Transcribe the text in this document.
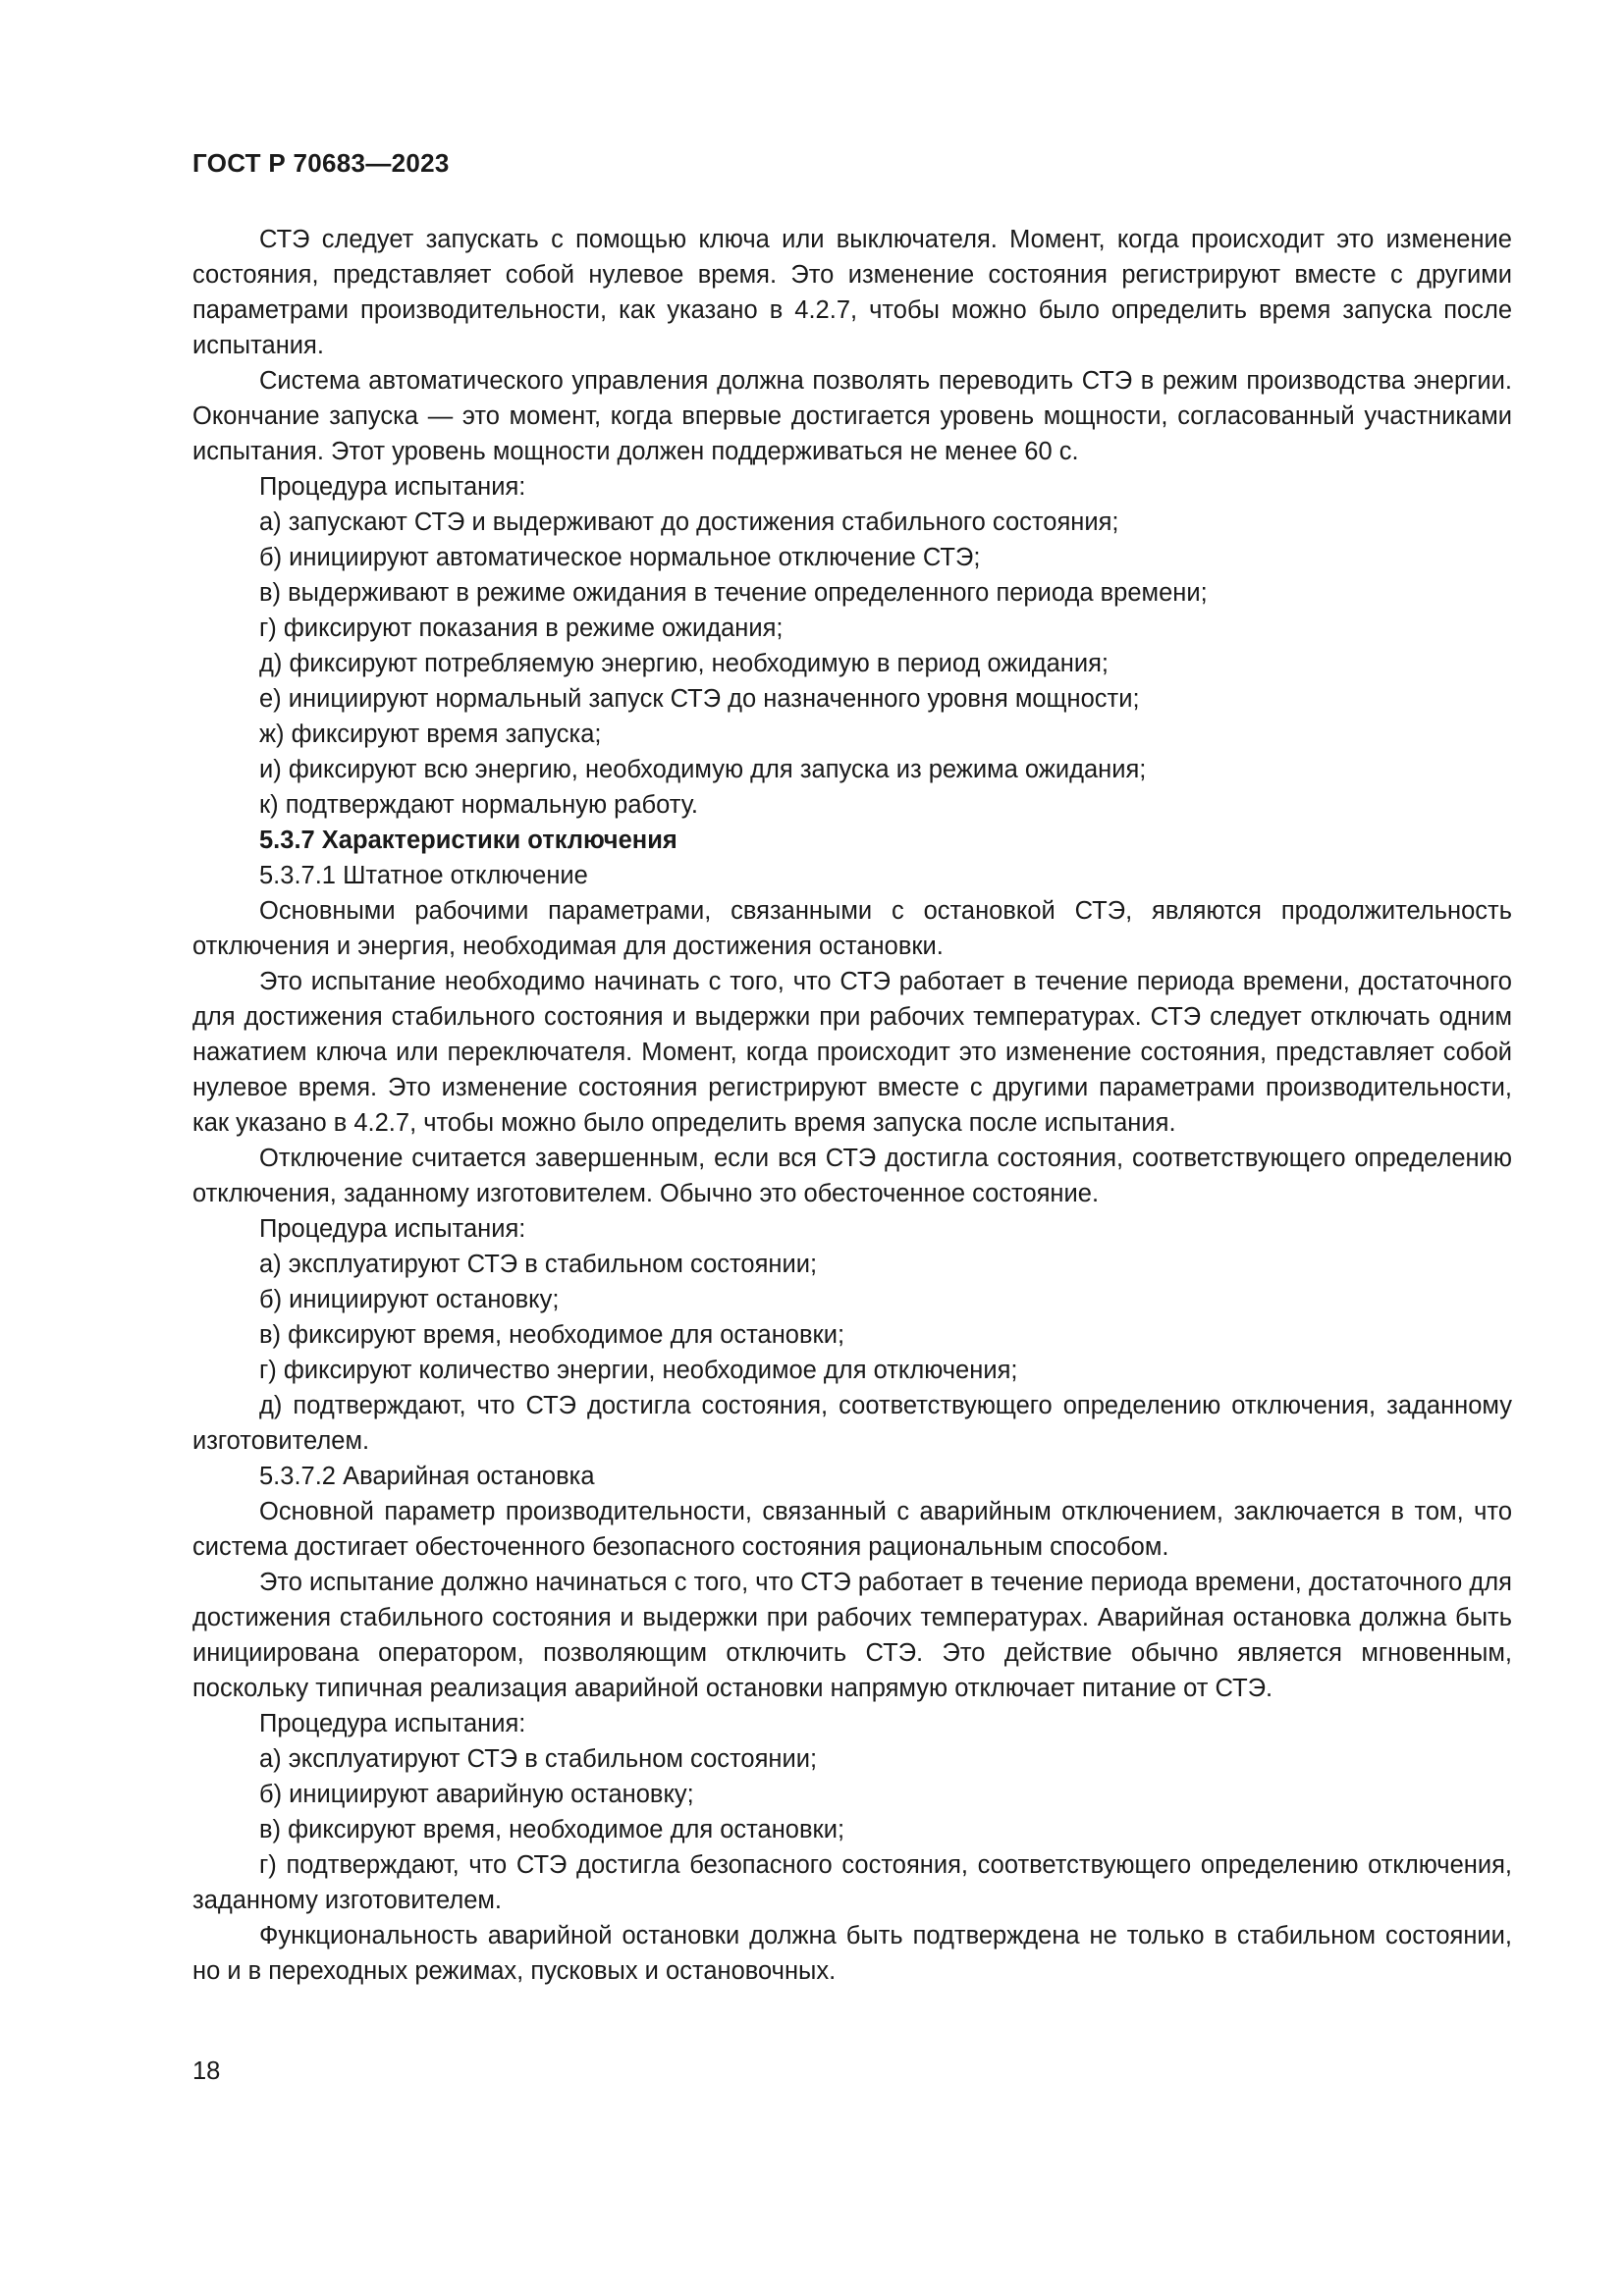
ГОСТ Р 70683—2023

СТЭ следует запускать с помощью ключа или выключателя. Момент, когда происходит это изменение состояния, представляет собой нулевое время. Это изменение состояния регистрируют вместе с другими параметрами производительности, как указано в 4.2.7, чтобы можно было определить время запуска после испытания.

Система автоматического управления должна позволять переводить СТЭ в режим производства энергии. Окончание запуска — это момент, когда впервые достигается уровень мощности, согласованный участниками испытания. Этот уровень мощности должен поддерживаться не менее 60 с.

Процедура испытания:

а) запускают СТЭ и выдерживают до достижения стабильного состояния;

б) инициируют автоматическое нормальное отключение СТЭ;

в) выдерживают в режиме ожидания в течение определенного периода времени;

г) фиксируют показания в режиме ожидания;

д) фиксируют потребляемую энергию, необходимую в период ожидания;

е) инициируют нормальный запуск СТЭ до назначенного уровня мощности;

ж) фиксируют время запуска;

и) фиксируют всю энергию, необходимую для запуска из режима ожидания;

к) подтверждают нормальную работу.

5.3.7 Характеристики отключения

5.3.7.1 Штатное отключение

Основными рабочими параметрами, связанными с остановкой СТЭ, являются продолжительность отключения и энергия, необходимая для достижения остановки.

Это испытание необходимо начинать с того, что СТЭ работает в течение периода времени, достаточного для достижения стабильного состояния и выдержки при рабочих температурах. СТЭ следует отключать одним нажатием ключа или переключателя. Момент, когда происходит это изменение состояния, представляет собой нулевое время. Это изменение состояния регистрируют вместе с другими параметрами производительности, как указано в 4.2.7, чтобы можно было определить время запуска после испытания.

Отключение считается завершенным, если вся СТЭ достигла состояния, соответствующего определению отключения, заданному изготовителем. Обычно это обесточенное состояние.

Процедура испытания:

а) эксплуатируют СТЭ в стабильном состоянии;

б) инициируют остановку;

в) фиксируют время, необходимое для остановки;

г) фиксируют количество энергии, необходимое для отключения;

д) подтверждают, что СТЭ достигла состояния, соответствующего определению отключения, заданному изготовителем.

5.3.7.2 Аварийная остановка

Основной параметр производительности, связанный с аварийным отключением, заключается в том, что система достигает обесточенного безопасного состояния рациональным способом.

Это испытание должно начинаться с того, что СТЭ работает в течение периода времени, достаточного для достижения стабильного состояния и выдержки при рабочих температурах. Аварийная остановка должна быть инициирована оператором, позволяющим отключить СТЭ. Это действие обычно является мгновенным, поскольку типичная реализация аварийной остановки напрямую отключает питание от СТЭ.

Процедура испытания:

а) эксплуатируют СТЭ в стабильном состоянии;

б) инициируют аварийную остановку;

в) фиксируют время, необходимое для остановки;

г) подтверждают, что СТЭ достигла безопасного состояния, соответствующего определению отключения, заданному изготовителем.

Функциональность аварийной остановки должна быть подтверждена не только в стабильном состоянии, но и в переходных режимах, пусковых и остановочных.

18
